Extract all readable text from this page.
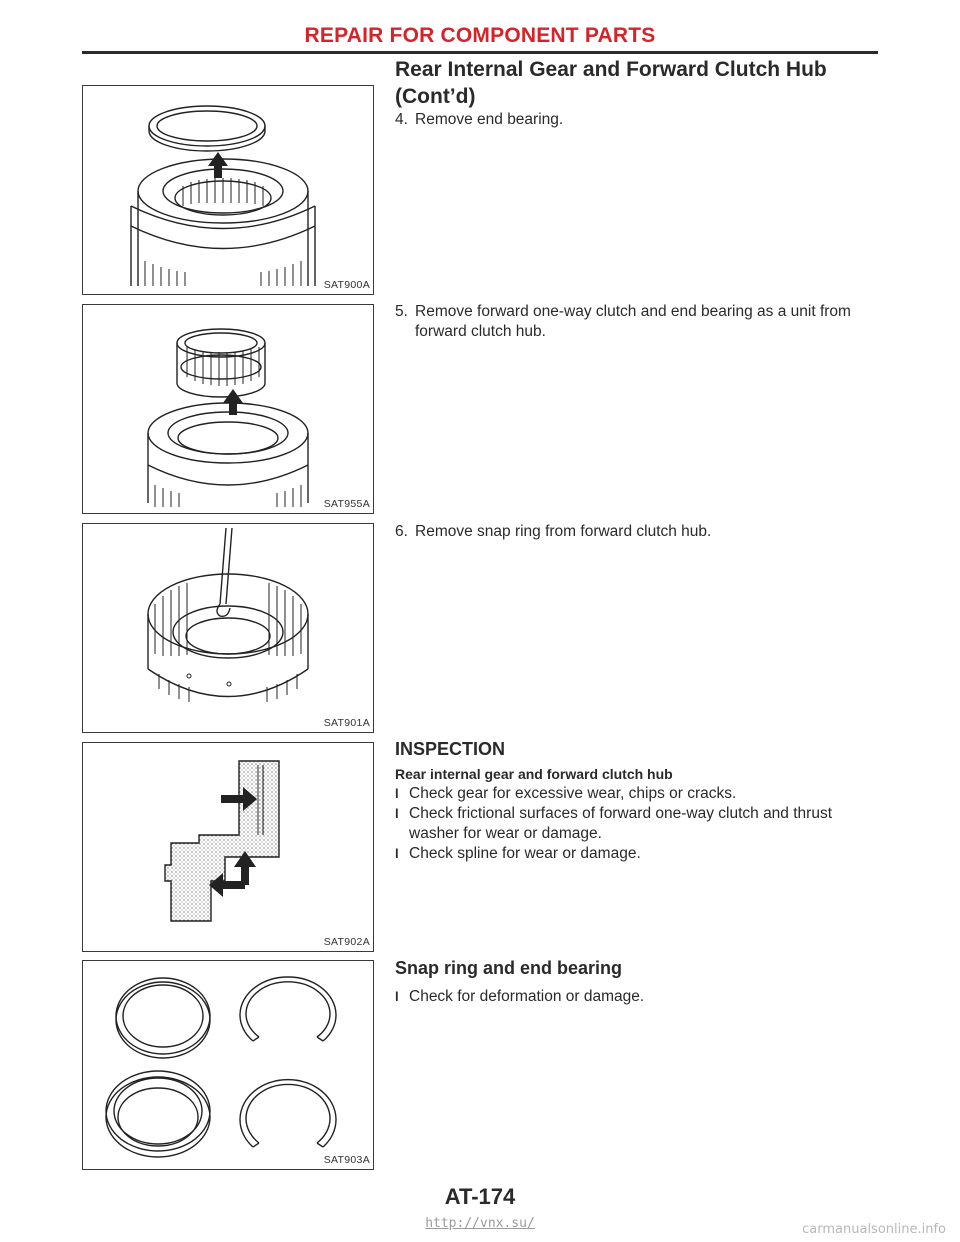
REPAIR FOR COMPONENT PARTS
Rear Internal Gear and Forward Clutch Hub
(Cont’d)
SAT900A
4. Remove end bearing.
SAT955A
5. Remove forward one-way clutch and end bearing as a unit from
forward clutch hub.
SAT901A
6. Remove snap ring from forward clutch hub.
SAT902A
INSPECTION
Rear internal gear and forward clutch hub
l Check gear for excessive wear, chips or cracks.
l Check frictional surfaces of forward one-way clutch and thrust washer for wear or damage.
l Check spline for wear or damage.
SAT903A
Snap ring and end bearing
l Check for deformation or damage.
AT-174
http://vnx.su/	carmanualsonline.info
